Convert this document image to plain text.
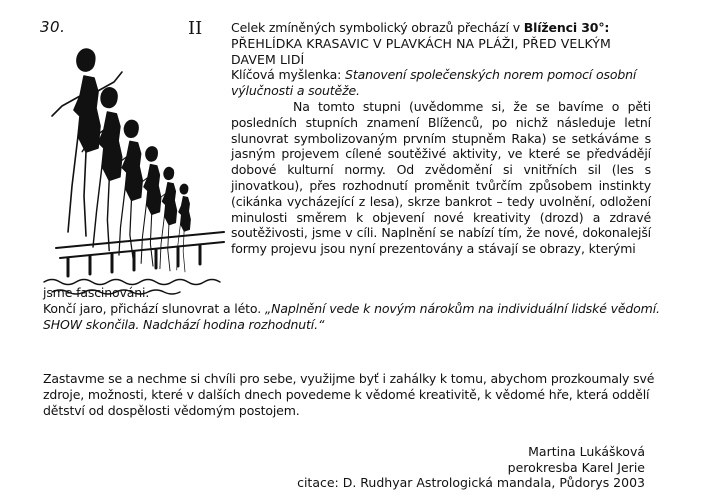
30.	II Celek zmíněných symbolický obrazů přechází v Blíženci 30°:

PŘEHLÍDKA KRASAVIC V PLAVKÁCH NA PLÁŽI, PŘED VELKÝM DAVEM LIDÍ

Klíčová myšlenka: Stanovení společenských norem pomocí osobní výlučnosti a soutěže.

Na tomto stupni (uvědomme si, že se bavíme o pěti posledních stupních znamení Blíženců, po nichž následuje letní slunovrat symbolizovaným prvním stupněm Raka) se setkáváme s jasným projevem cílené soutěživé aktivity, ve které se předvádějí dobové kulturní normy. Od zvědomění si vnitřních sil (les s jinovatkou), přes rozhodnutí proměnit tvůrčím způsobem instinkty (cikánka vycházející z lesa), skrze bankrot – tedy uvolnění, odložení minulosti směrem k objevení nové kreativity (drozd) a zdravé soutěživosti, jsme v cíli. Naplnění se nabízí tím, že nové, dokonalejší formy projevu jsou nyní prezentovány a stávají se obrazy, kterými

jsme fascinováni.
Končí jaro, přichází slunovrat a léto. „Naplnění vede k novým nárokům na individuální lidské vědomí. SHOW skončila. Nadchází hodina rozhodnutí.“
Zastavme se a nechme si chvíli pro sebe, využijme byť i zahálky k tomu, abychom prozkoumaly své zdroje, možnosti, které v dalších dnech povedeme k vědomé kreativitě, k vědomé hře, která oddělí dětství od dospělosti vědomým postojem.
Martina Lukášková
perokresba Karel Jerie
citace: D. Rudhyar Astrologická mandala, Půdorys 2003
